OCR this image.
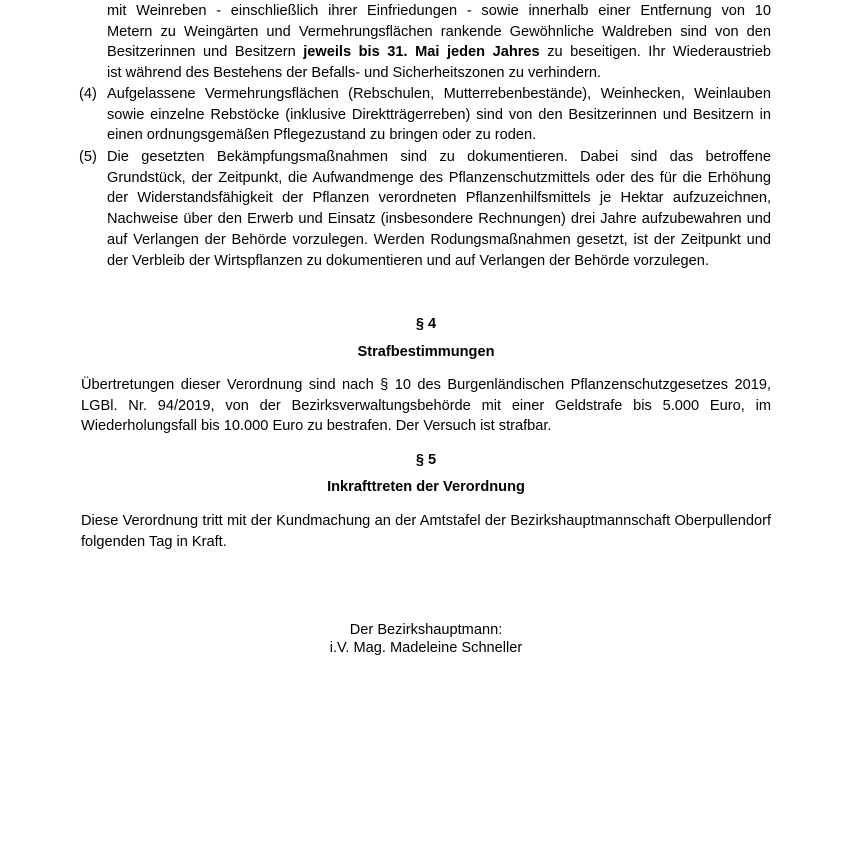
mit Weinreben - einschließlich ihrer Einfriedungen - sowie innerhalb einer Entfernung von 10
Metern zu Weingärten und Vermehrungsflächen rankende Gewöhnliche Waldreben sind von den
Besitzerinnen und Besitzern jeweils bis 31. Mai jeden Jahres zu beseitigen. Ihr Wiederaustrieb
ist während des Bestehens der Befalls- und Sicherheitszonen zu verhindern.
(4) Aufgelassene Vermehrungsflächen (Rebschulen, Mutterrebenbestände), Weinhecken, Weinlauben sowie einzelne Rebstöcke (inklusive Direktträgerreben) sind von den Besitzerinnen und Besitzern in einen ordnungsgemäßen Pflegezustand zu bringen oder zu roden.
(5) Die gesetzten Bekämpfungsmaßnahmen sind zu dokumentieren. Dabei sind das betroffene Grundstück, der Zeitpunkt, die Aufwandmenge des Pflanzenschutzmittels oder des für die Erhöhung der Widerstandsfähigkeit der Pflanzen verordneten Pflanzenhilfsmittels je Hektar aufzuzeichnen, Nachweise über den Erwerb und Einsatz (insbesondere Rechnungen) drei Jahre aufzubewahren und auf Verlangen der Behörde vorzulegen. Werden Rodungsmaßnahmen gesetzt, ist der Zeitpunkt und der Verbleib der Wirtspflanzen zu dokumentieren und auf Verlangen der Behörde vorzulegen.
§ 4
Strafbestimmungen
Übertretungen dieser Verordnung sind nach § 10 des Burgenländischen Pflanzenschutzgesetzes 2019, LGBl. Nr. 94/2019, von der Bezirksverwaltungsbehörde mit einer Geldstrafe bis 5.000 Euro, im Wiederholungsfall bis 10.000 Euro zu bestrafen. Der Versuch ist strafbar.
§ 5
Inkrafttreten der Verordnung
Diese Verordnung tritt mit der Kundmachung an der Amtstafel der Bezirkshauptmannschaft Oberpullendorf folgenden Tag in Kraft.
Der Bezirkshauptmann:
i.V. Mag. Madeleine Schneller
